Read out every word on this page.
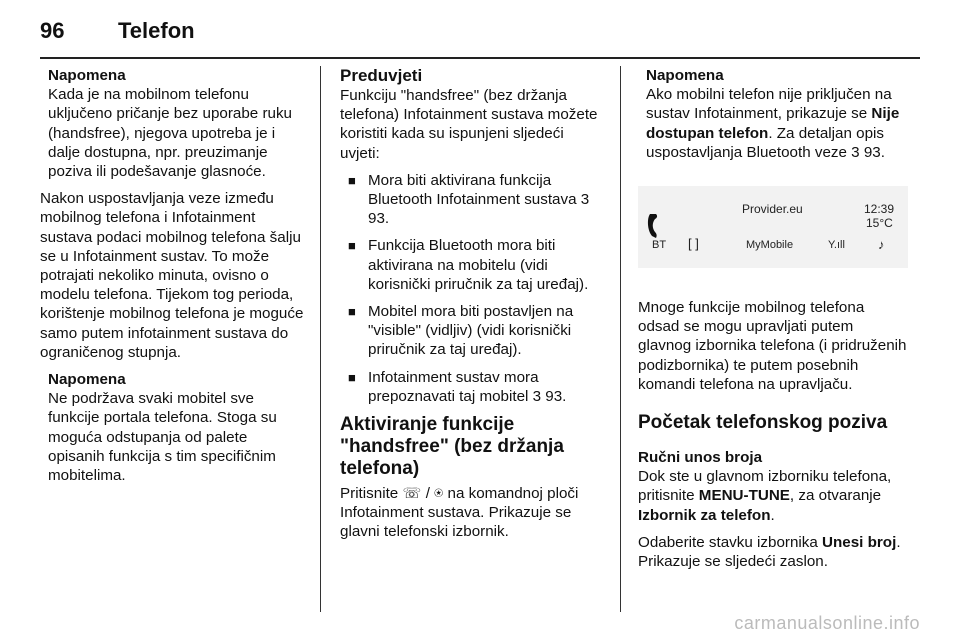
96	Telefon
Napomena
Kada je na mobilnom telefonu uključeno pričanje bez uporabe ruku (handsfree), njegova upotreba je i dalje dostupna, npr. preuzimanje poziva ili podešavanje glasnoće.

Nakon uspostavljanja veze između mobilnog telefona i Infotainment sustava podaci mobilnog telefona šalju se u Infotainment sustav. To može potrajati nekoliko minuta, ovisno o modelu telefona. Tijekom tog perioda, korištenje mobilnog telefona je moguće samo putem infotainment sustava do ograničenog stupnja.

Napomena
Ne podržava svaki mobitel sve funkcije portala telefona. Stoga su moguća odstupanja od palete opisanih funkcija s tim specifičnim mobitelima.
Preduvjeti

Funkciju "handsfree" (bez držanja telefona) Infotainment sustava možete koristiti kada su ispunjeni sljedeći uvjeti:

■ Mora biti aktivirana funkcija Bluetooth Infotainment sustava 3 93.
■ Funkcija Bluetooth mora biti aktivirana na mobitelu (vidi korisnički priručnik za taj uređaj).
■ Mobitel mora biti postavljen na "visible" (vidljiv) (vidi korisnički priručnik za taj uređaj).
■ Infotainment sustav mora prepoznavati taj mobitel 3 93.
Aktiviranje funkcije "handsfree" (bez držanja telefona)

Pritisnite ☏ / ⍟ na komandnoj ploči Infotainment sustava. Prikazuje se glavni telefonski izbornik.

Napomena
Ako mobilni telefon nije priključen na sustav Infotainment, prikazuje se Nije dostupan telefon. Za detaljan opis uspostavljanja Bluetooth veze 3 93.
Provider.eu	12:39
15°C
BT [ ]	MyMobile	Y.ıll	♪

Mnoge funkcije mobilnog telefona odsad se mogu upravljati putem glavnog izbornika telefona (i pridruženih podizbornika) te putem posebnih komandi telefona na upravljaču.

Početak telefonskog poziva
Ručni unos broja

Dok ste u glavnom izborniku telefona, pritisnite MENU-TUNE, za otvaranje Izbornik za telefon.

Odaberite stavku izbornika Unesi broj. Prikazuje se sljedeći zaslon.

carmanualsonline.info
